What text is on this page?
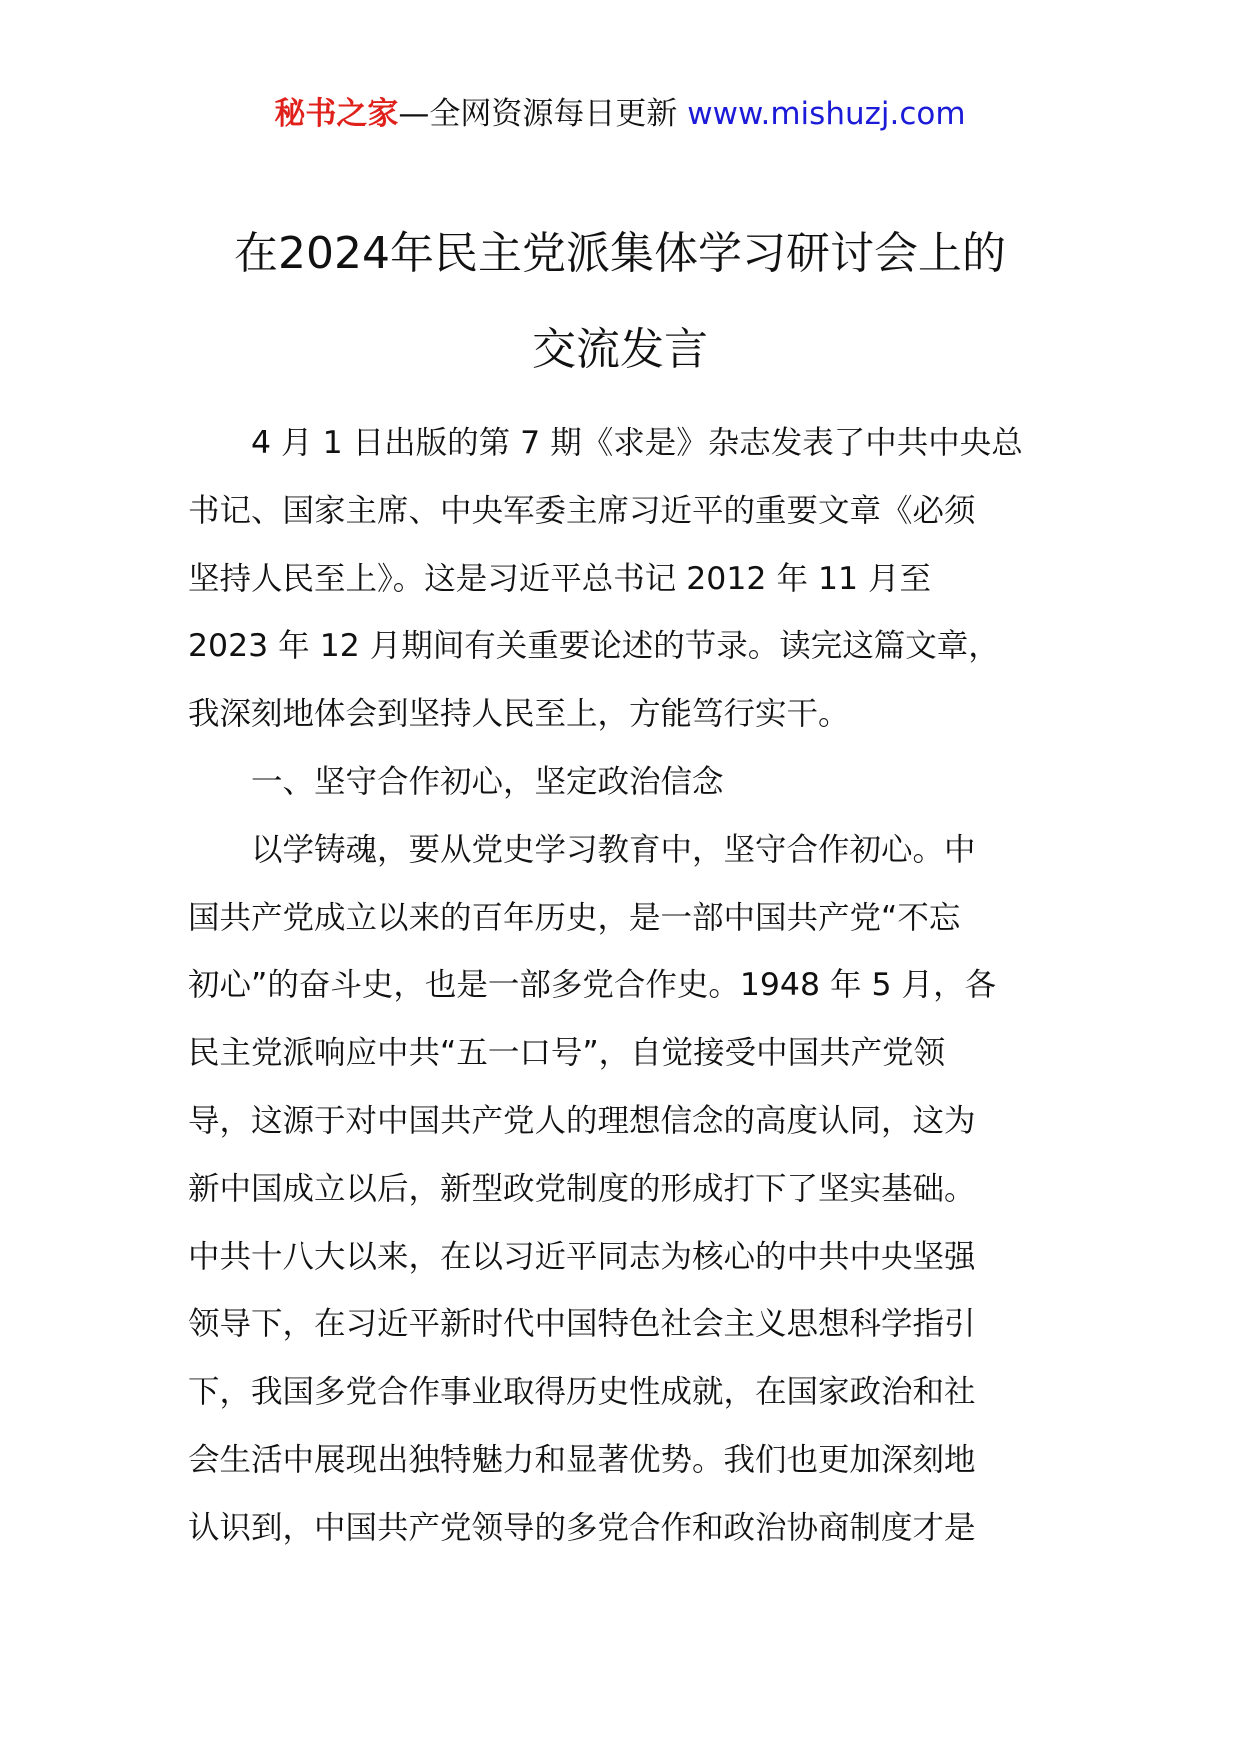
秘书之家—全网资源每日更新 www.mishuzj.com
在2024年民主党派集体学习研讨会上的
交流发言
4 月 1 日出版的第 7 期《求是》杂志发表了中共中央总
书记、国家主席、中央军委主席习近平的重要文章《必须
坚持人民至上》。这是习近平总书记 2012 年 11 月至
2023 年 12 月期间有关重要论述的节录。读完这篇文章，
我深刻地体会到坚持人民至上，方能笃行实干。
一、坚守合作初心，坚定政治信念
以学铸魂，要从党史学习教育中，坚守合作初心。中
国共产党成立以来的百年历史，是一部中国共产党“不忘
初心”的奋斗史，也是一部多党合作史。1948 年 5 月，各
民主党派响应中共“五一口号”，自觉接受中国共产党领
导，这源于对中国共产党人的理想信念的高度认同，这为
新中国成立以后，新型政党制度的形成打下了坚实基础。
中共十八大以来，在以习近平同志为核心的中共中央坚强
领导下，在习近平新时代中国特色社会主义思想科学指引
下，我国多党合作事业取得历史性成就，在国家政治和社
会生活中展现出独特魅力和显著优势。我们也更加深刻地
认识到，中国共产党领导的多党合作和政治协商制度才是
